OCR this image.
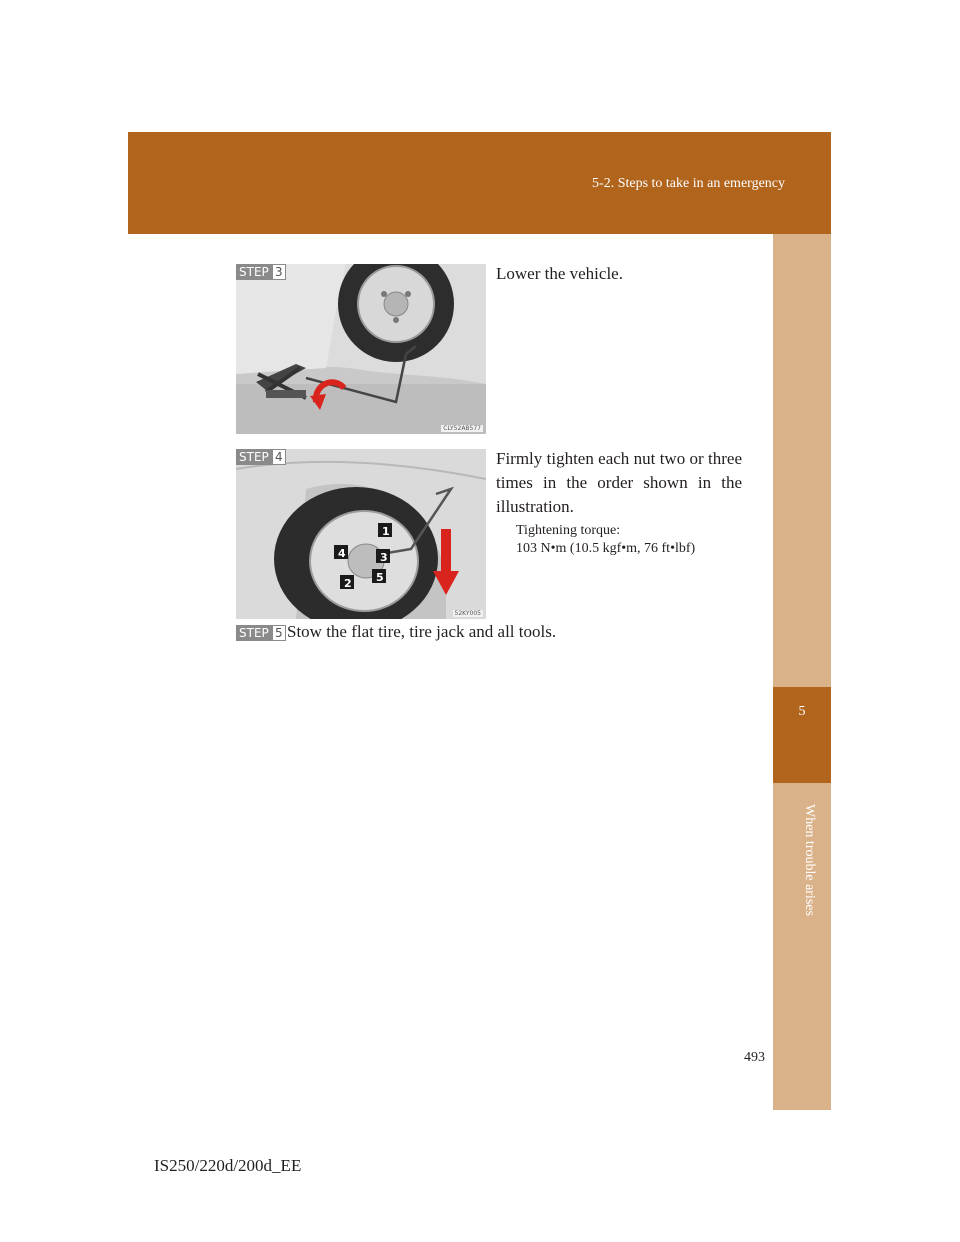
5-2. Steps to take in an emergency
5
When trouble arises
STEP 3
CLY52AB577
Lower the vehicle.
1
2
3
4
5
STEP 4
52KY005
Firmly tighten each nut two or three times in the order shown in the illustration.
Tightening torque:
103 N•m (10.5 kgf•m, 76 ft•lbf)
STEP 5 Stow the flat tire, tire jack and all tools.
493
IS250/220d/200d_EE
